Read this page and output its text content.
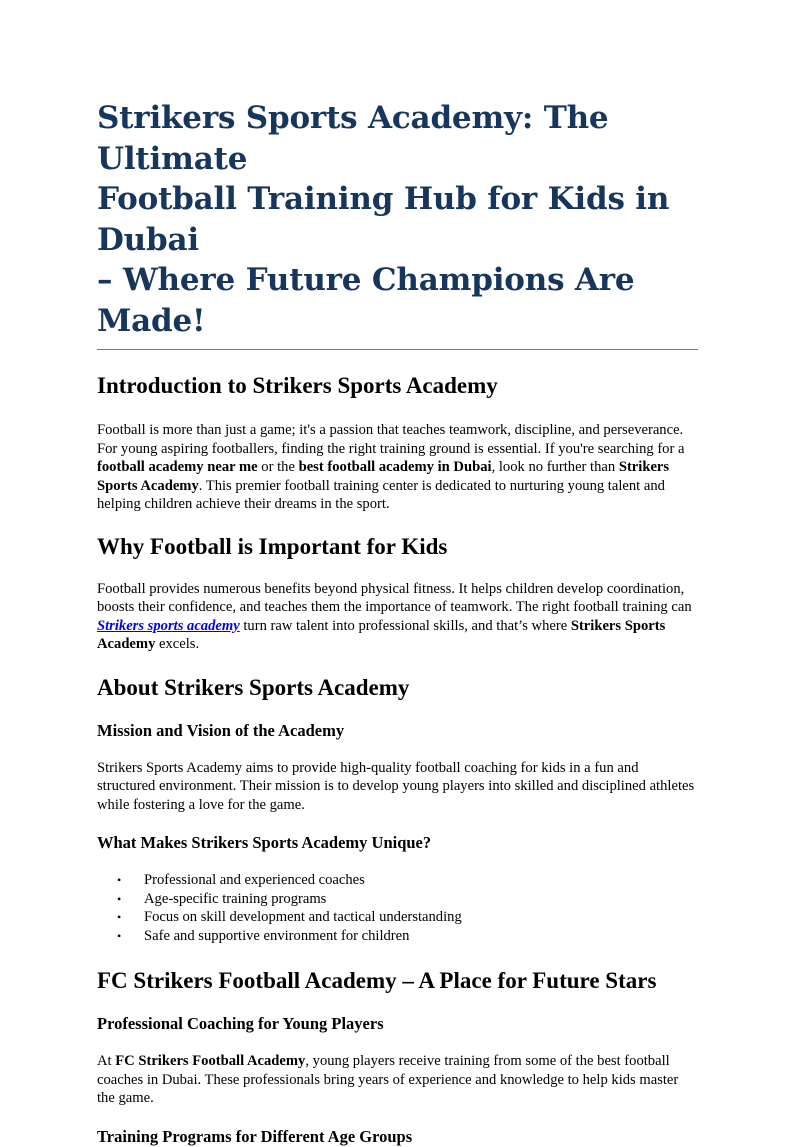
Strikers Sports Academy: The Ultimate
Football Training Hub for Kids in Dubai
– Where Future Champions Are Made!
Introduction to Strikers Sports Academy

Football is more than just a game; it's a passion that teaches teamwork, discipline, and perseverance. For young aspiring footballers, finding the right training ground is essential. If you're searching for a football academy near me or the best football academy in Dubai, look no further than Strikers Sports Academy. This premier football training center is dedicated to nurturing young talent and helping children achieve their dreams in the sport.

Why Football is Important for Kids

Football provides numerous benefits beyond physical fitness. It helps children develop coordination, boosts their confidence, and teaches them the importance of teamwork. The right football training can Strikers sports academy turn raw talent into professional skills, and that’s where Strikers Sports Academy excels.

About Strikers Sports Academy
Mission and Vision of the Academy

Strikers Sports Academy aims to provide high-quality football coaching for kids in a fun and structured environment. Their mission is to develop young players into skilled and disciplined athletes while fostering a love for the game.

What Makes Strikers Sports Academy Unique?
• Professional and experienced coaches
• Age-specific training programs
• Focus on skill development and tactical understanding
• Safe and supportive environment for children
FC Strikers Football Academy – A Place for Future Stars
Professional Coaching for Young Players

At FC Strikers Football Academy, young players receive training from some of the best football coaches in Dubai. These professionals bring years of experience and knowledge to help kids master the game.

Training Programs for Different Age Groups
